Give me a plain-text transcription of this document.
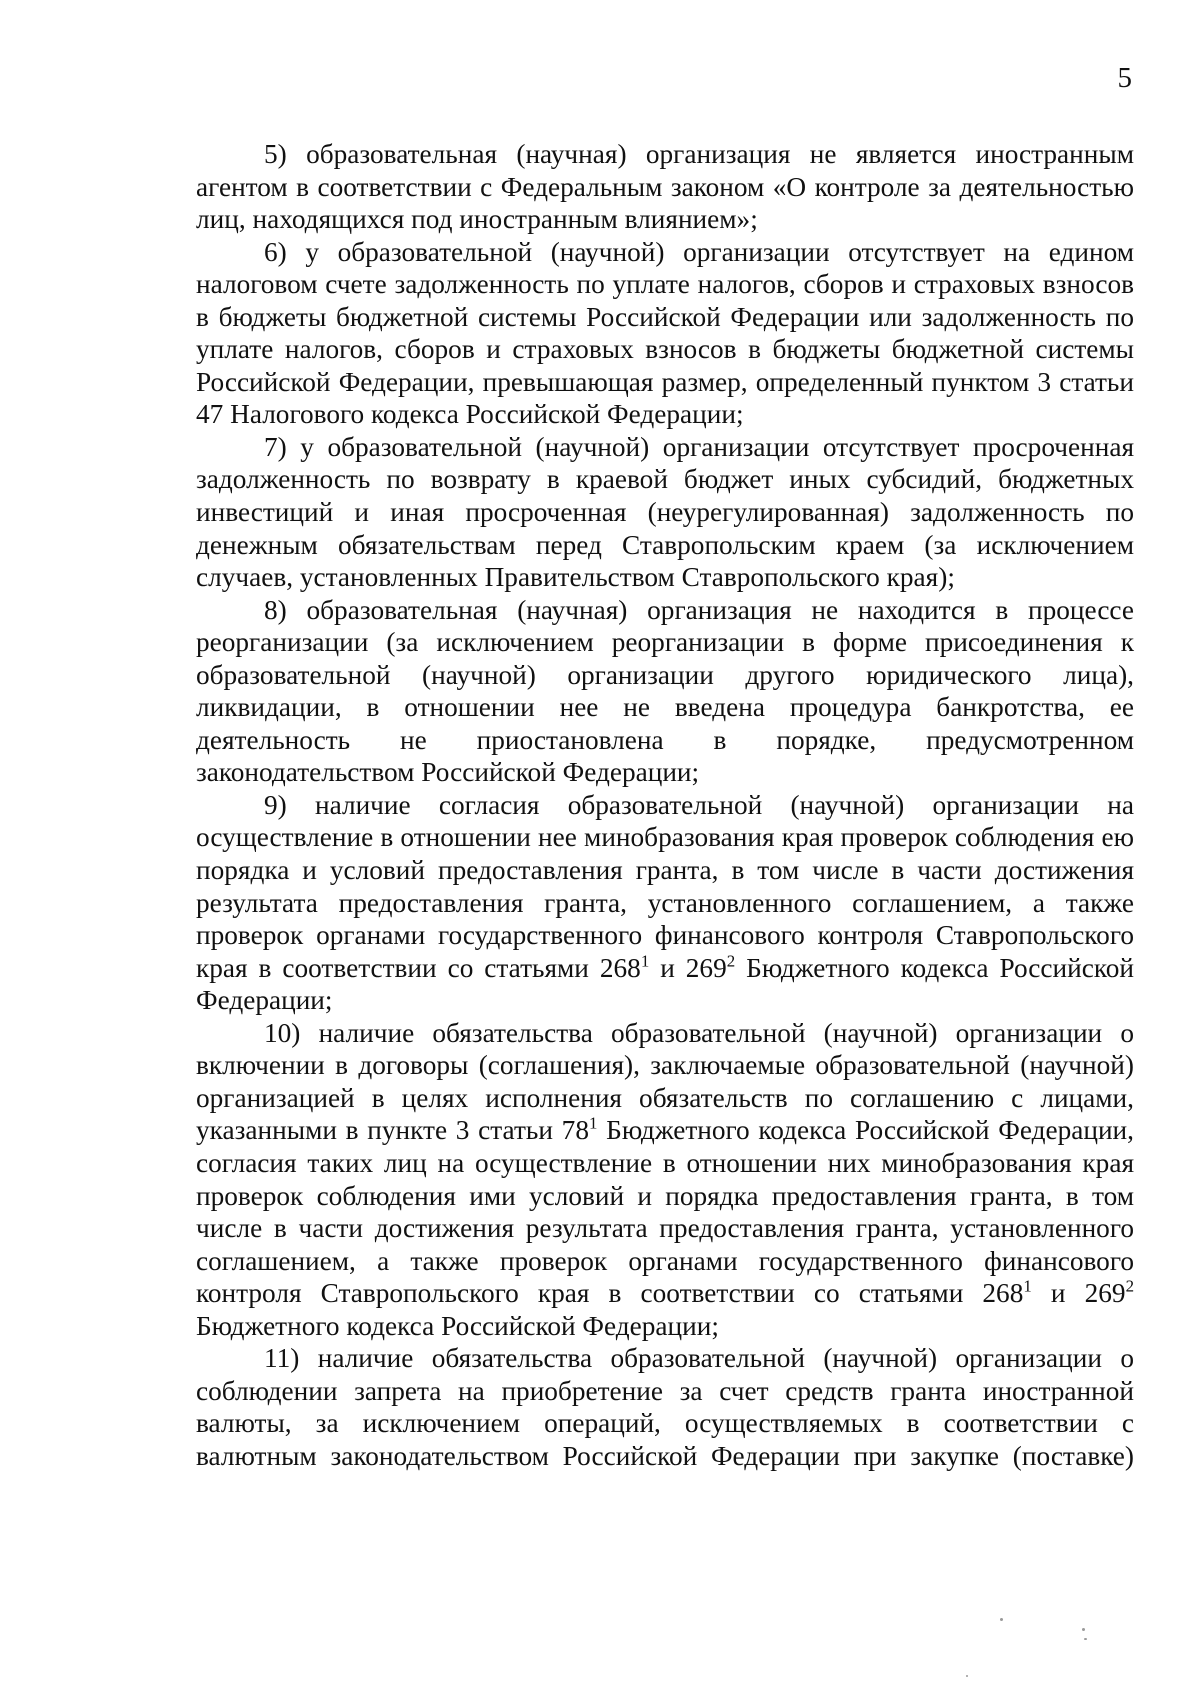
5

5) образовательная (научная) организация не является иностранным агентом в соответствии с Федеральным законом «О контроле за деятельностью лиц, находящихся под иностранным влиянием»;

6) у образовательной (научной) организации отсутствует на едином налоговом счете задолженность по уплате налогов, сборов и страховых взносов в бюджеты бюджетной системы Российской Федерации или задолженность по уплате налогов, сборов и страховых взносов в бюджеты бюджетной системы Российской Федерации, превышающая размер, определенный пунктом 3 статьи 47 Налогового кодекса Российской Федерации;

7) у образовательной (научной) организации отсутствует просроченная задолженность по возврату в краевой бюджет иных субсидий, бюджетных инвестиций и иная просроченная (неурегулированная) задолженность по денежным обязательствам перед Ставропольским краем (за исключением случаев, установленных Правительством Ставропольского края);

8) образовательная (научная) организация не находится в процессе реорганизации (за исключением реорганизации в форме присоединения к образовательной (научной) организации другого юридического лица), ликвидации, в отношении нее не введена процедура банкротства, ее деятельность не приостановлена в порядке, предусмотренном законодательством Российской Федерации;

9) наличие согласия образовательной (научной) организации на осуществление в отношении нее минобразования края проверок соблюдения ею порядка и условий предоставления гранта, в том числе в части достижения результата предоставления гранта, установленного соглашением, а также проверок органами государственного финансового контроля Ставропольского края в соответствии со статьями $268^1$ и $269^2$ Бюджетного кодекса Российской Федерации;

10) наличие обязательства образовательной (научной) организации о включении в договоры (соглашения), заключаемые образовательной (научной) организацией в целях исполнения обязательств по соглашению с лицами, указанными в пункте 3 статьи $78^1$ Бюджетного кодекса Российской Федерации, согласия таких лиц на осуществление в отношении них минобразования края проверок соблюдения ими условий и порядка предоставления гранта, в том числе в части достижения результата предоставления гранта, установленного соглашением, а также проверок органами государственного финансового контроля Ставропольского края в соответствии со статьями $268^1$ и $269^2$ Бюджетного кодекса Российской Федерации;

11) наличие обязательства образовательной (научной) организации о соблюдении запрета на приобретение за счет средств гранта иностранной валюты, за исключением операций, осуществляемых в соответствии с валютным законодательством Российской Федерации при закупке (поставке)
